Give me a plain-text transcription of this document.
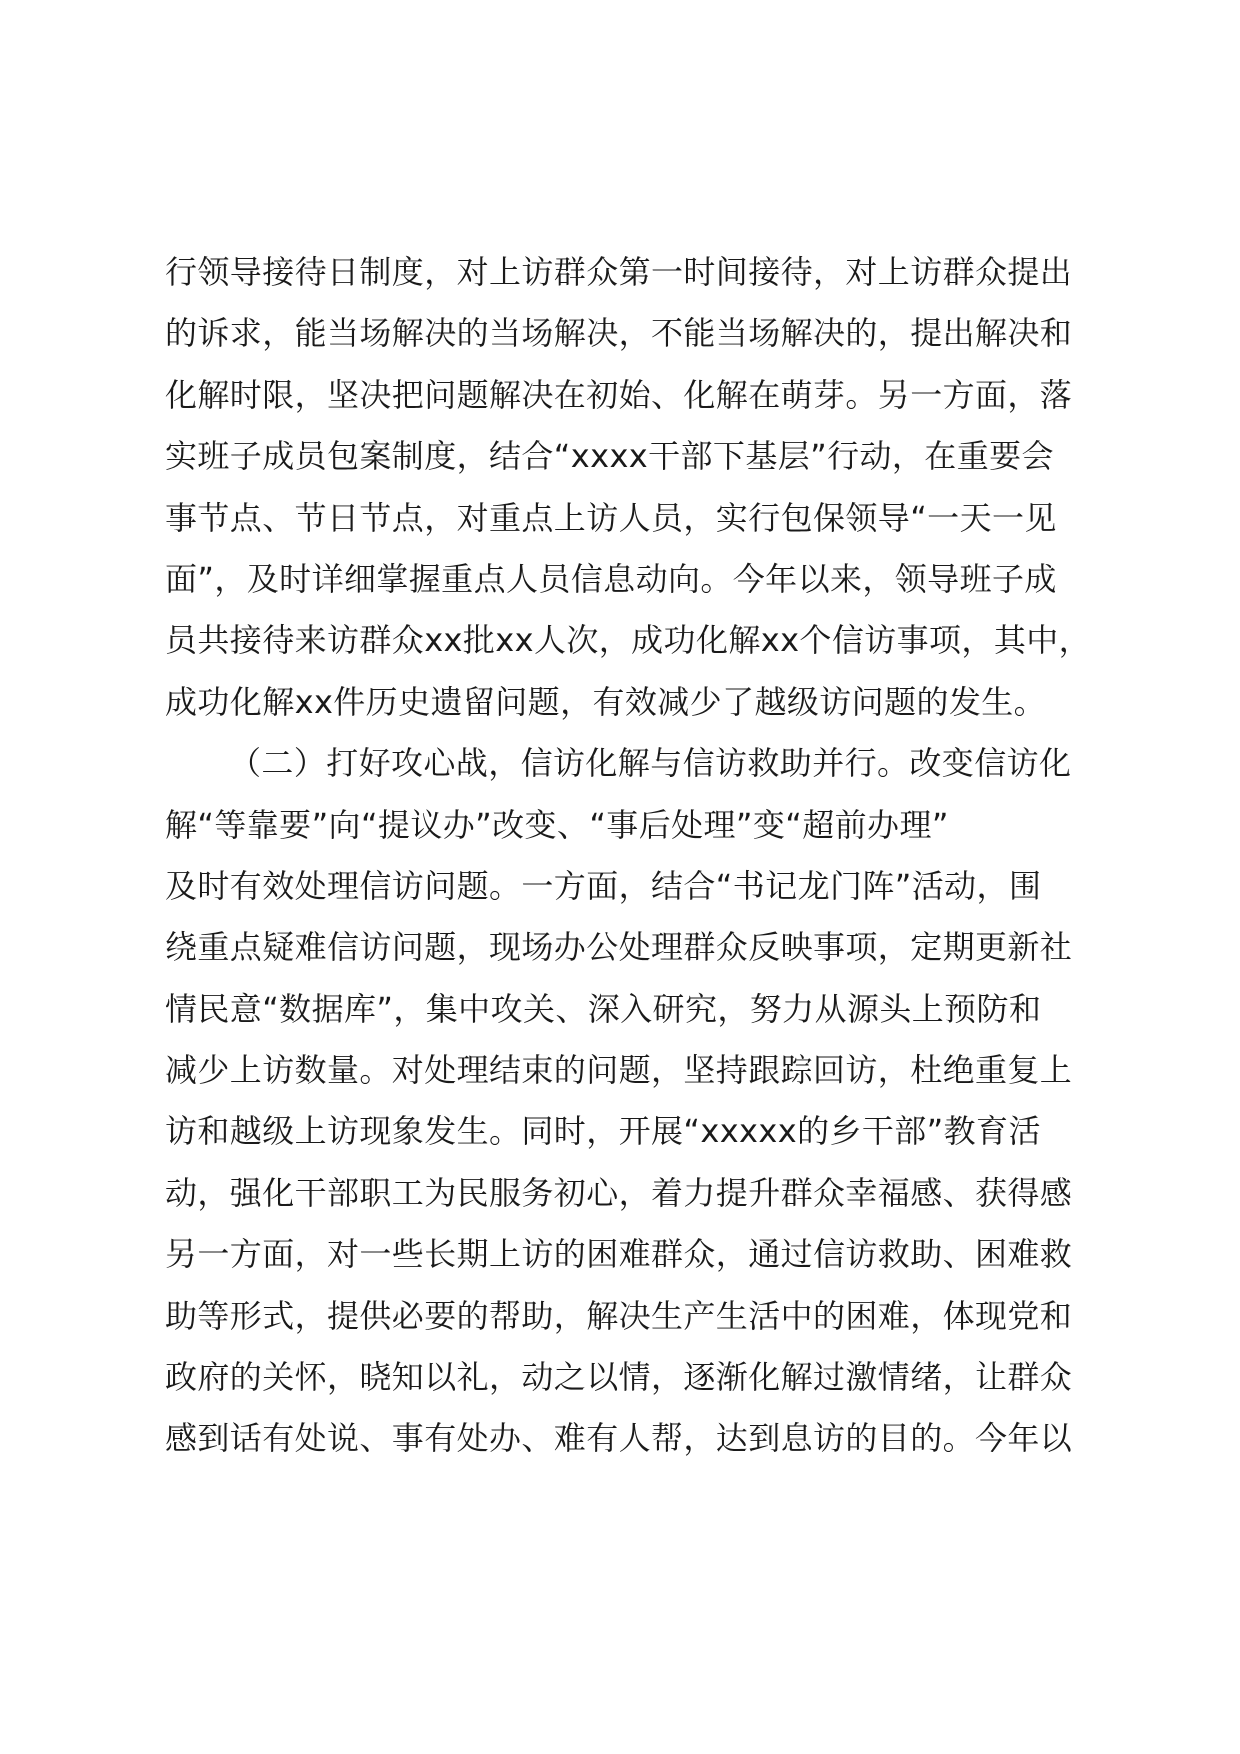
行领导接待日制度，对上访群众第一时间接待，对上访群众提出
的诉求，能当场解决的当场解决，不能当场解决的，提出解决和
化解时限，坚决把问题解决在初始、化解在萌芽。另一方面，落
实班子成员包案制度，结合“xxxx干部下基层”行动，在重要会
事节点、节日节点，对重点上访人员，实行包保领导“一天一见
面”，及时详细掌握重点人员信息动向。今年以来，领导班子成
员共接待来访群众xx批xx人次，成功化解xx个信访事项，其中，
成功化解xx件历史遗留问题，有效减少了越级访问题的发生。
（二）打好攻心战，信访化解与信访救助并行。改变信访化
解“等靠要”向“提议办”改变、“事后处理”变“超前办理”
及时有效处理信访问题。一方面，结合“书记龙门阵”活动，围
绕重点疑难信访问题，现场办公处理群众反映事项，定期更新社
情民意“数据库”，集中攻关、深入研究，努力从源头上预防和
减少上访数量。对处理结束的问题，坚持跟踪回访，杜绝重复上
访和越级上访现象发生。同时，开展“xxxxx的乡干部”教育活
动，强化干部职工为民服务初心，着力提升群众幸福感、获得感
另一方面，对一些长期上访的困难群众，通过信访救助、困难救
助等形式，提供必要的帮助，解决生产生活中的困难，体现党和
政府的关怀，晓知以礼，动之以情，逐渐化解过激情绪，让群众
感到话有处说、事有处办、难有人帮，达到息访的目的。今年以
